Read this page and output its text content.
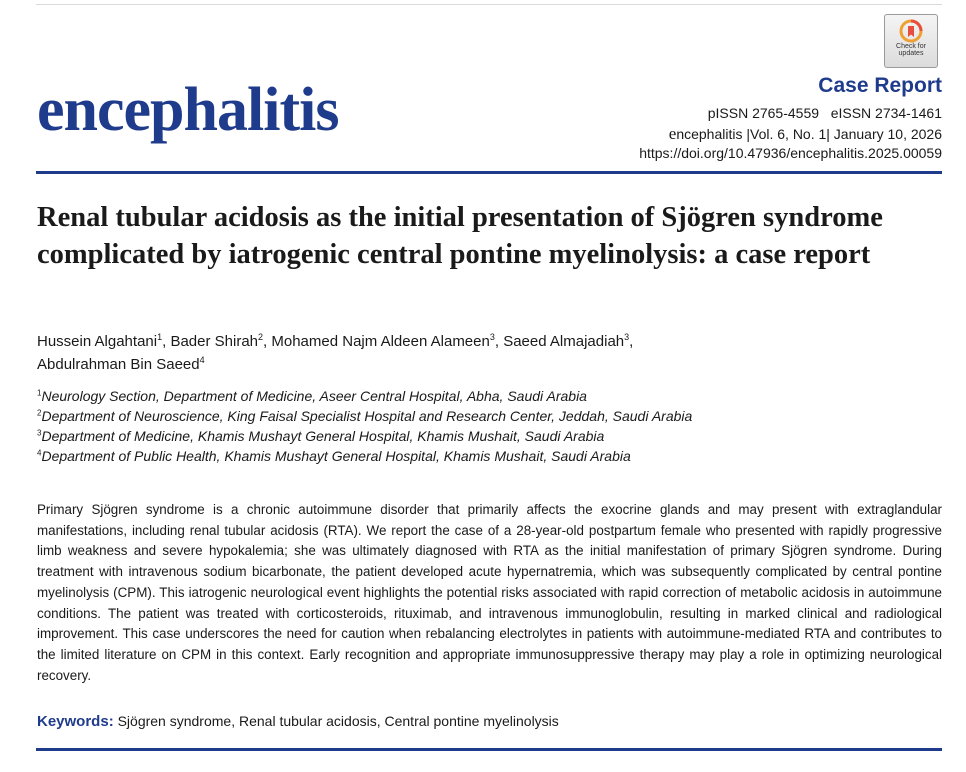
Check for
updates
encephalitis	Case Report
pISSN 2765-4559   eISSN 2734-1461
encephalitis |Vol. 6, No. 1| January 10, 2026
https://doi.org/10.47936/encephalitis.2025.00059
Renal tubular acidosis as the initial presentation of Sjögren syndrome complicated by iatrogenic central pontine myelinolysis: a case report
Hussein Algahtani$^1$, Bader Shirah$^2$, Mohamed Najm Aldeen Alameen$^3$, Saeed Almajadiah$^3$,
Abdulrahman Bin Saeed$^4$
$^1$Neurology Section, Department of Medicine, Aseer Central Hospital, Abha, Saudi Arabia
$^2$Department of Neuroscience, King Faisal Specialist Hospital and Research Center, Jeddah, Saudi Arabia
$^3$Department of Medicine, Khamis Mushayt General Hospital, Khamis Mushait, Saudi Arabia
$^4$Department of Public Health, Khamis Mushayt General Hospital, Khamis Mushait, Saudi Arabia

Primary Sjögren syndrome is a chronic autoimmune disorder that primarily affects the exocrine glands and may present with extraglandular manifestations, including renal tubular acidosis (RTA). We report the case of a 28-year-old postpartum female who presented with rapidly progressive limb weakness and severe hypokalemia; she was ultimately diagnosed with RTA as the initial manifestation of primary Sjögren syndrome. During treatment with intravenous sodium bicarbonate, the patient developed acute hypernatremia, which was subsequently complicated by central pontine myelinolysis (CPM). This iatrogenic neurological event highlights the potential risks associated with rapid correction of metabolic acidosis in autoimmune conditions. The patient was treated with corticosteroids, rituximab, and intravenous immunoglobulin, resulting in marked clinical and radiological improvement. This case underscores the need for caution when rebalancing electrolytes in patients with autoimmune-mediated RTA and contributes to the limited literature on CPM in this context. Early recognition and appropriate immunosuppressive therapy may play a role in optimizing neurological recovery.

Keywords: Sjögren syndrome, Renal tubular acidosis, Central pontine myelinolysis
